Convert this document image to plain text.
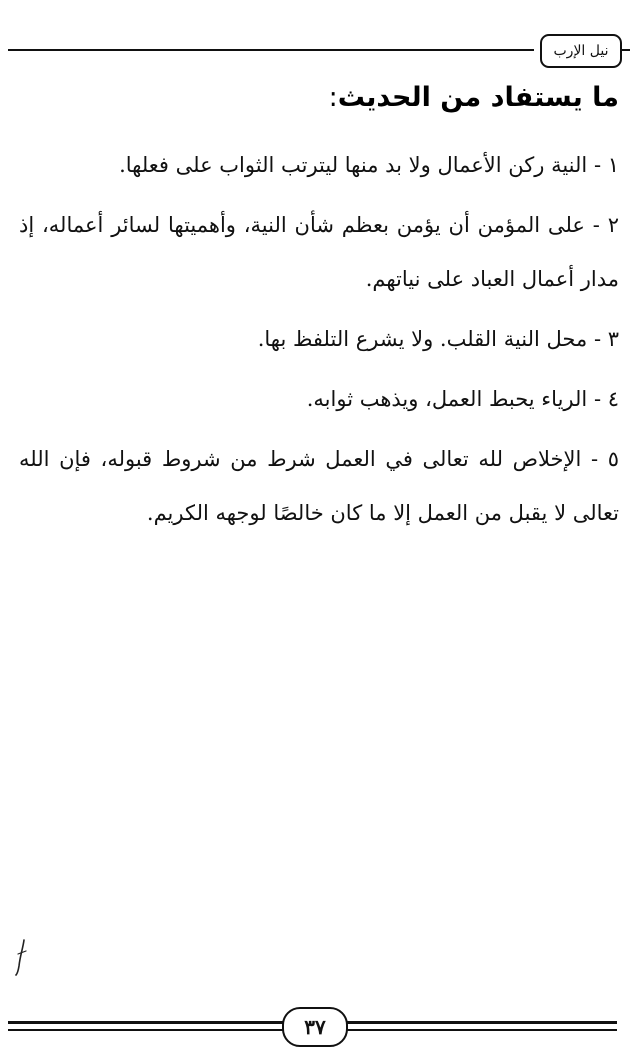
نيل الإرب
ما يستفاد من الحديث:

١ - النية ركن الأعمال ولا بد منها ليترتب الثواب على فعلها.

٢ - على المؤمن أن يؤمن بعظم شأن النية، وأهميتها لسائر أعماله، إذ مدار أعمال العباد على نياتهم.

٣ - محل النية القلب. ولا يشرع التلفظ بها.

٤ - الرياء يحبط العمل، ويذهب ثوابه.

٥ - الإخلاص لله تعالى في العمل شرط من شروط قبوله، فإن الله تعالى لا يقبل من العمل إلا ما كان خالصًا لوجهه الكريم.

٣٧
